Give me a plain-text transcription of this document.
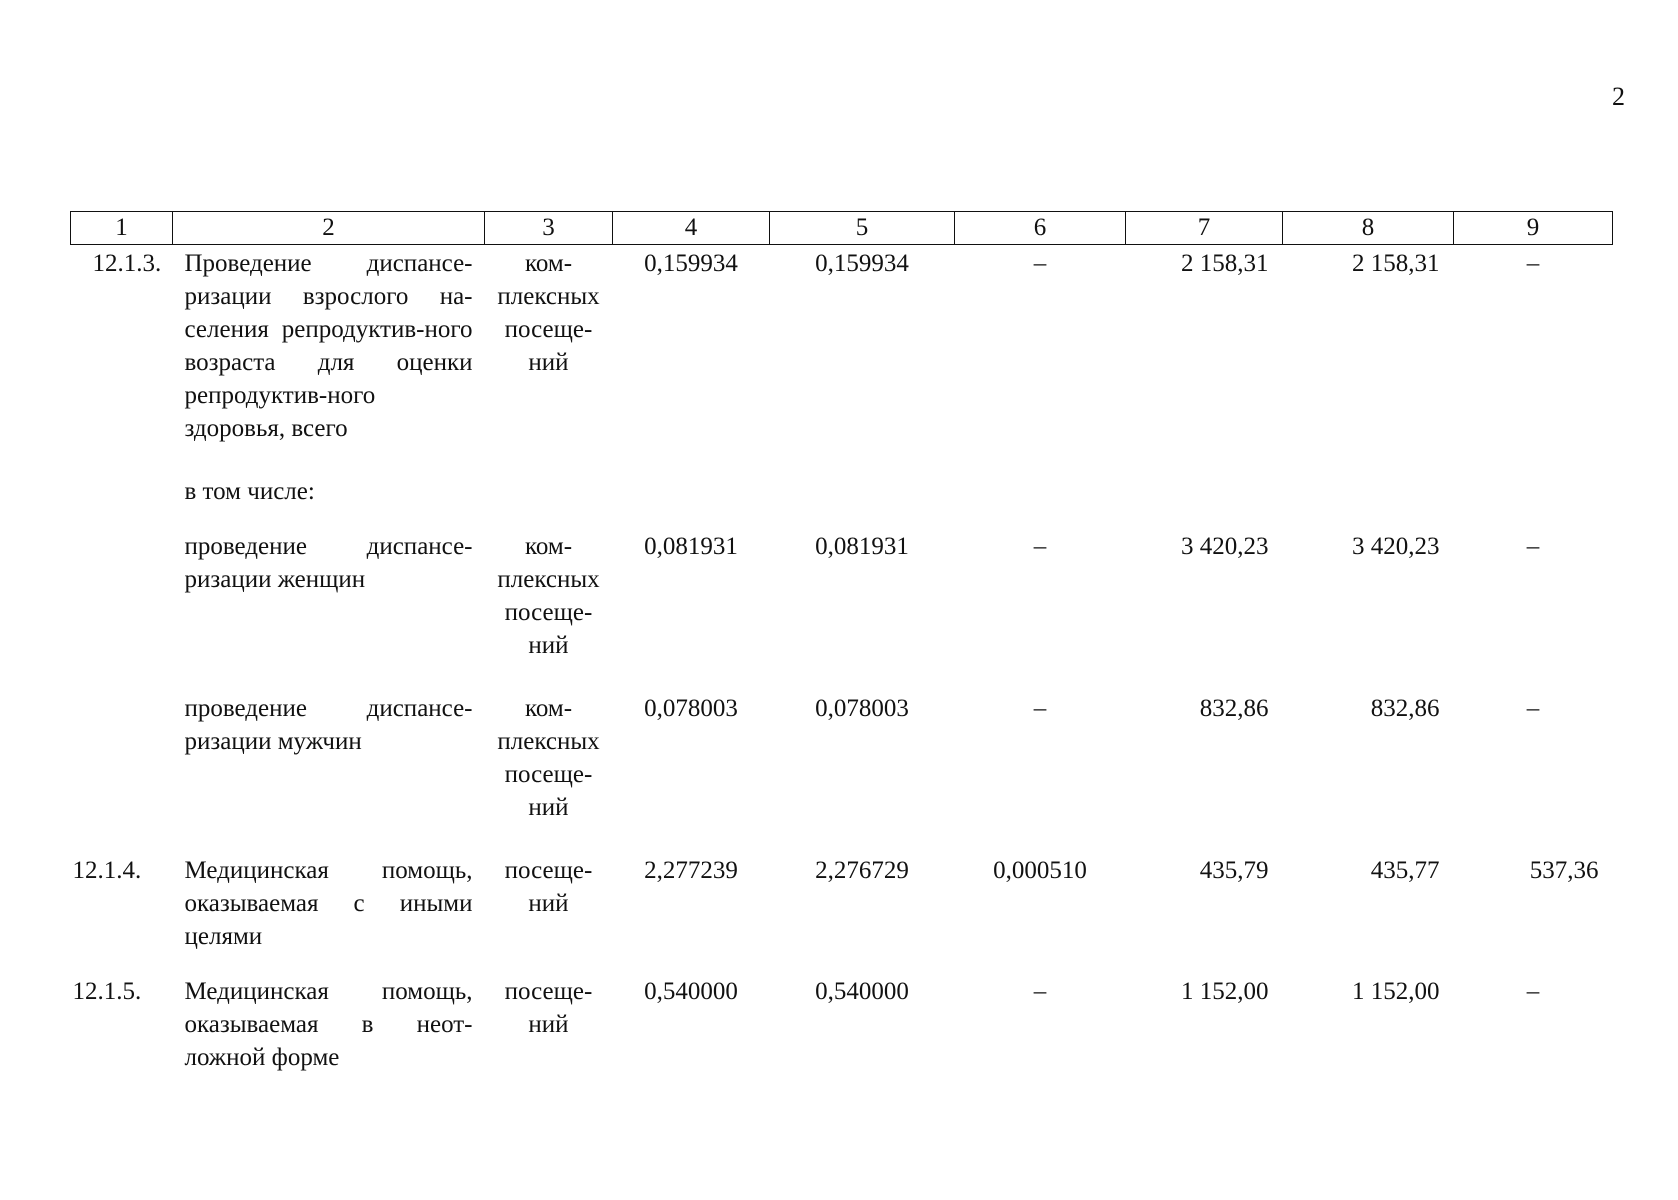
2
1	2	3	4	5	6	7	8	9
12.1.3.	Проведение диспансе-ризации взрослого на-селения репродуктив-ного возраста для оценки репродуктив-ного здоровья, всего	ком-
плексных
посеще-
ний	0,159934	0,159934	–	2 158,31	2 158,31	–

	в том числе:							

	проведение диспансе-ризации женщин	ком-
плексных
посеще-
ний	0,081931	0,081931	–	3 420,23	3 420,23	–

	проведение диспансе-ризации мужчин	ком-
плексных
посеще-
ний	0,078003	0,078003	–	832,86	832,86	–

12.1.4.	Медицинская помощь, оказываемая с иными целями	посеще-
ний	2,277239	2,276729	0,000510	435,79	435,77	537,36

12.1.5.	Медицинская помощь, оказываемая в неот-ложной форме	посеще-
ний	0,540000	0,540000	–	1 152,00	1 152,00	–
